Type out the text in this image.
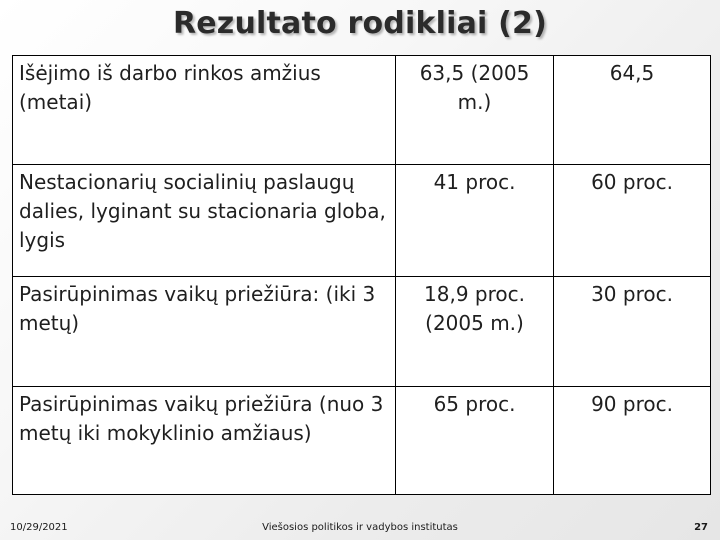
Rezultato rodikliai (2)
Išėjimo iš darbo rinkos amžius (metai)	63,5 (2005 m.)	64,5
Nestacionarių socialinių paslaugų dalies, lyginant su stacionaria globa, lygis	41 proc.	60 proc.
Pasirūpinimas vaikų priežiūra: (iki 3 metų)	18,9 proc. (2005 m.)	30 proc.
Pasirūpinimas vaikų priežiūra (nuo 3 metų iki mokyklinio amžiaus)	65 proc.	90 proc.
10/29/2021	Viešosios politikos ir vadybos institutas	27
